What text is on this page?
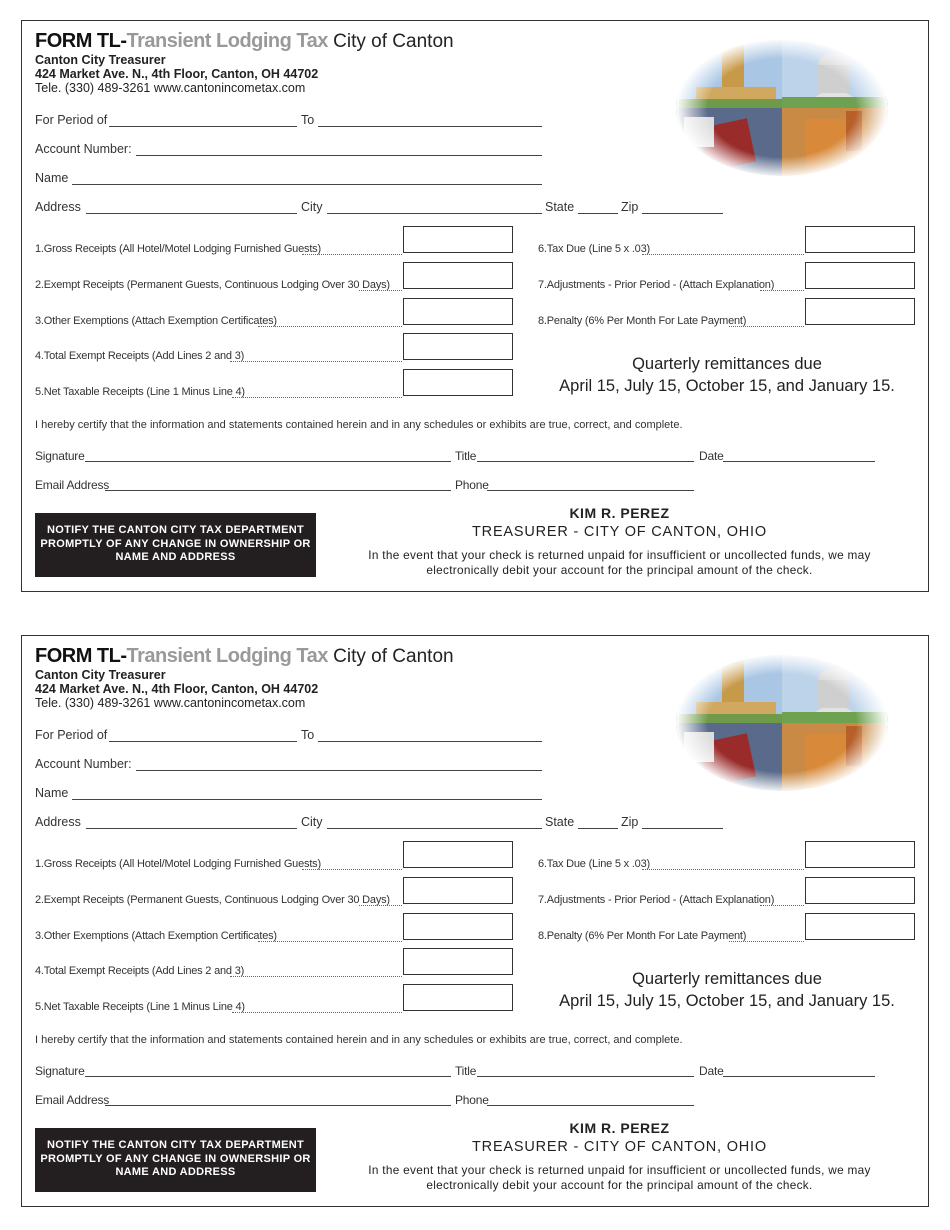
FORM TL-Transient Lodging Tax City of Canton
Canton City Treasurer
424 Market Ave. N., 4th Floor, Canton, OH 44702
Tele. (330) 489-3261 www.cantonincometax.com
For Period of	To
Account Number:
Name
Address	City	State	Zip
1.Gross Receipts (All Hotel/Motel Lodging Furnished Guests)
2.Exempt Receipts (Permanent Guests, Continuous Lodging Over 30 Days)
3.Other Exemptions (Attach Exemption Certificates)
4.Total Exempt Receipts (Add Lines 2 and 3)
5.Net Taxable Receipts (Line 1 Minus Line 4)
6.Tax Due (Line 5 x .03)
7.Adjustments - Prior Period - (Attach Explanation)
8.Penalty (6% Per Month For Late Payment)
Quarterly remittances due
April 15, July 15, October 15, and January 15.
I hereby certify that the information and statements contained herein and in any schedules or exhibits are true, correct, and complete.
Signature	Title	Date
Email Address	Phone
NOTIFY THE CANTON CITY TAX DEPARTMENT PROMPTLY OF ANY CHANGE IN OWNERSHIP OR NAME AND ADDRESS
KIM R. PEREZ
TREASURER - CITY OF CANTON, OHIO
In the event that your check is returned unpaid for insufficient or uncollected funds, we may electronically debit your account for the principal amount of the check.
FORM TL-Transient Lodging Tax City of Canton
Canton City Treasurer
424 Market Ave. N., 4th Floor, Canton, OH 44702
Tele. (330) 489-3261 www.cantonincometax.com
For Period of	To
Account Number:
Name
Address	City	State	Zip
1.Gross Receipts (All Hotel/Motel Lodging Furnished Guests)
2.Exempt Receipts (Permanent Guests, Continuous Lodging Over 30 Days)
3.Other Exemptions (Attach Exemption Certificates)
4.Total Exempt Receipts (Add Lines 2 and 3)
5.Net Taxable Receipts (Line 1 Minus Line 4)
6.Tax Due (Line 5 x .03)
7.Adjustments - Prior Period - (Attach Explanation)
8.Penalty (6% Per Month For Late Payment)
Quarterly remittances due
April 15, July 15, October 15, and January 15.
I hereby certify that the information and statements contained herein and in any schedules or exhibits are true, correct, and complete.
Signature	Title	Date
Email Address	Phone
NOTIFY THE CANTON CITY TAX DEPARTMENT PROMPTLY OF ANY CHANGE IN OWNERSHIP OR NAME AND ADDRESS
KIM R. PEREZ
TREASURER - CITY OF CANTON, OHIO
In the event that your check is returned unpaid for insufficient or uncollected funds, we may electronically debit your account for the principal amount of the check.
